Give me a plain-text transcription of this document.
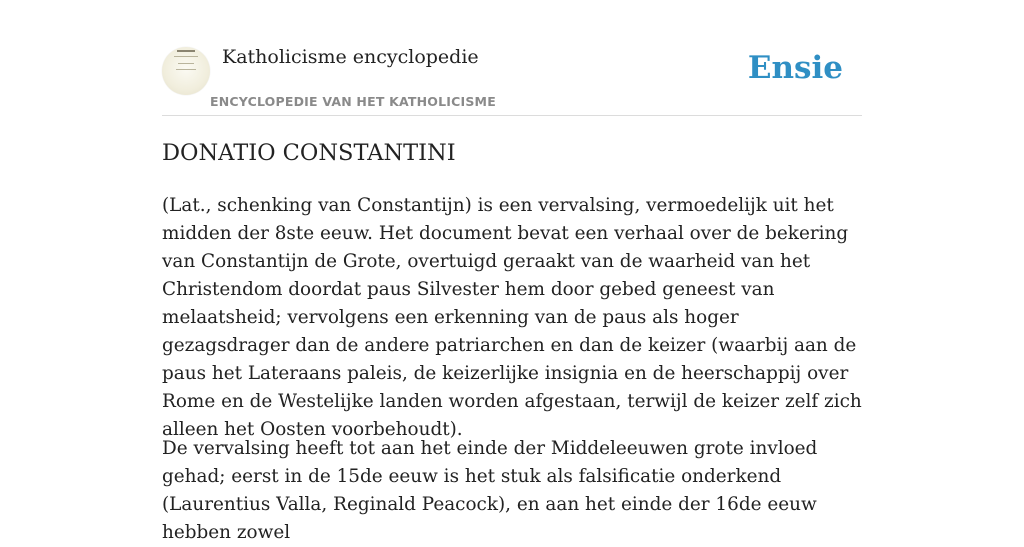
Katholicisme encyclopedie
ENCYCLOPEDIE VAN HET KATHOLICISME
Ensie
DONATIO CONSTANTINI

(Lat., schenking van Constantijn) is een vervalsing, vermoedelijk uit het midden der 8ste eeuw. Het document bevat een verhaal over de bekering van Constantijn de Grote, overtuigd geraakt van de waarheid van het Christendom doordat paus Silvester hem door gebed geneest van melaatsheid; vervolgens een erkenning van de paus als hoger gezagsdrager dan de andere patriarchen en dan de keizer (waarbij aan de paus het Lateraans paleis, de keizerlijke insignia en de heerschappij over Rome en de Westelijke landen worden afgestaan, terwijl de keizer zelf zich alleen het Oosten voorbehoudt).

De vervalsing heeft tot aan het einde der Middeleeuwen grote invloed gehad; eerst in de 15de eeuw is het stuk als falsificatie onderkend (Laurentius Valla, Reginald Peacock), en aan het einde der 16de eeuw hebben zowel
